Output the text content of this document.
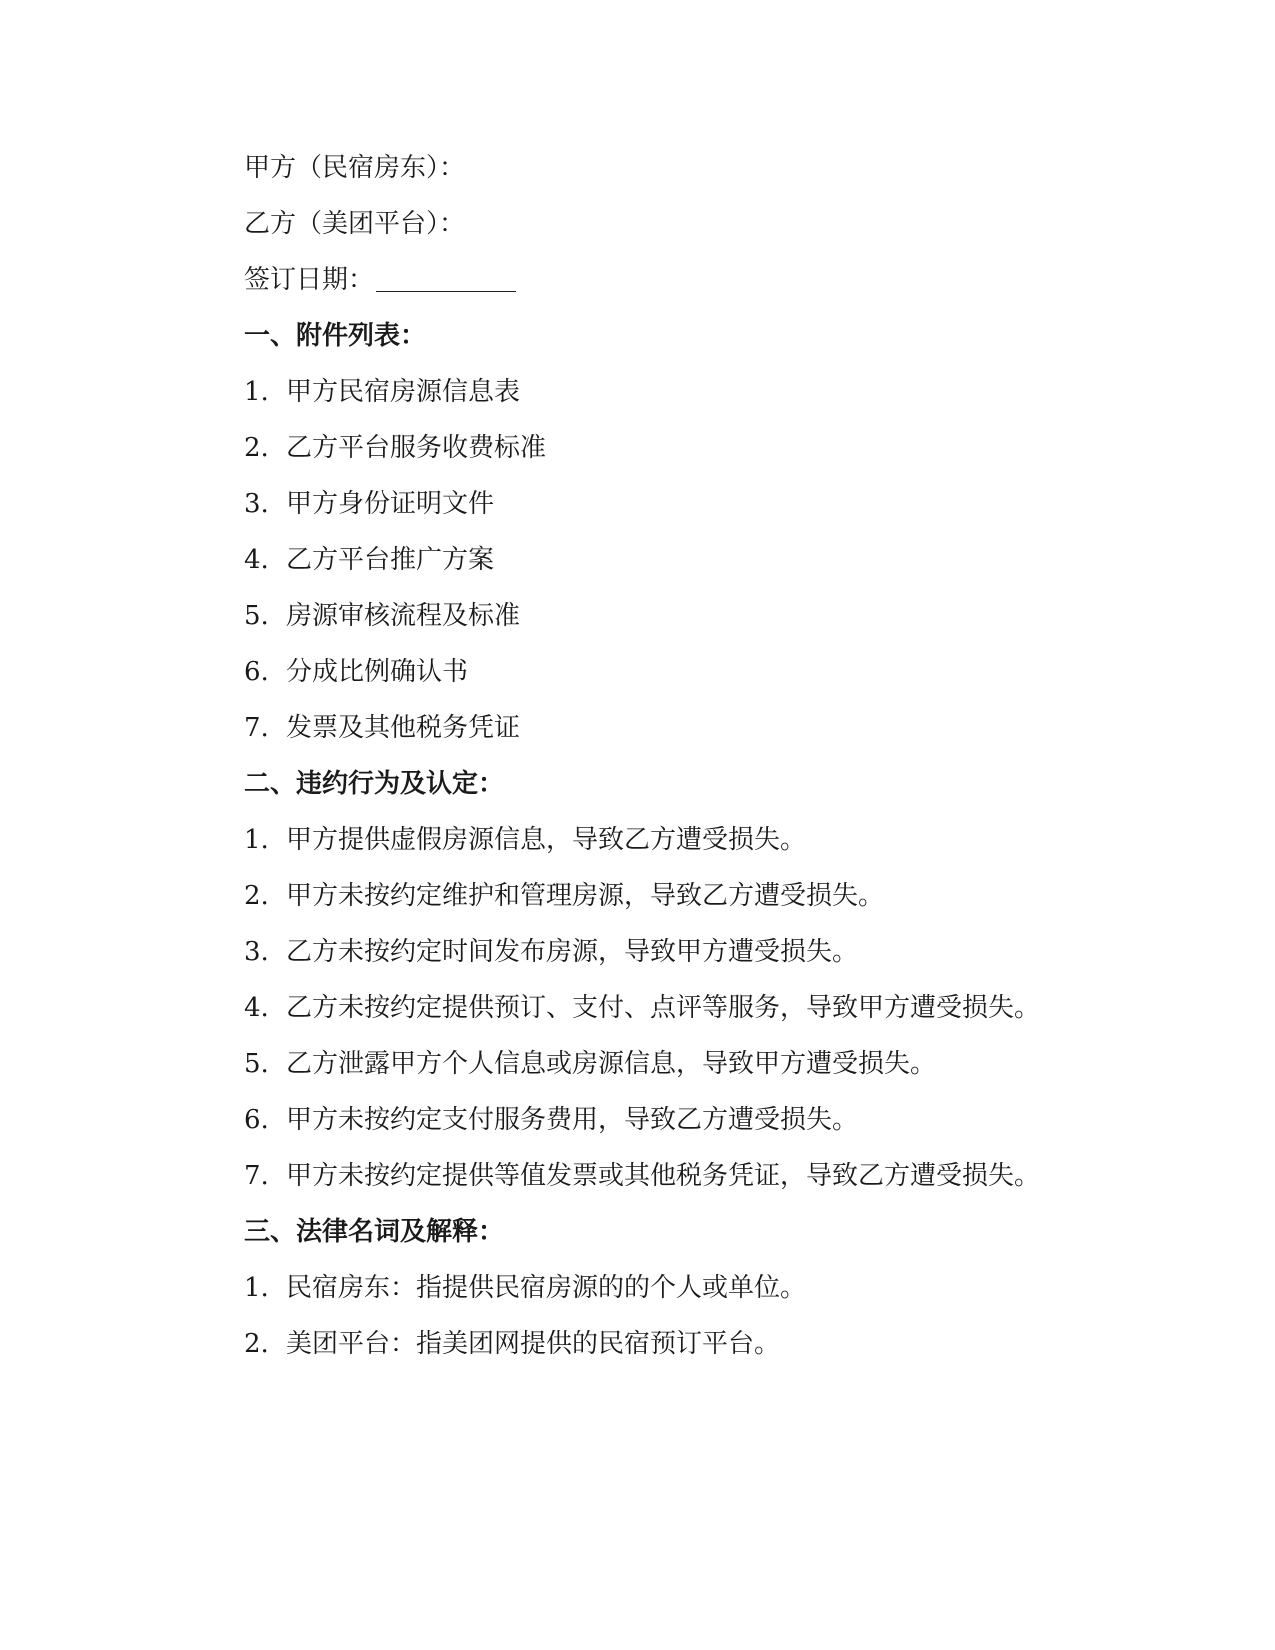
甲方（民宿房东）：
乙方（美团平台）：
签订日期：
一、附件列表：
1. 甲方民宿房源信息表
2. 乙方平台服务收费标准
3. 甲方身份证明文件
4. 乙方平台推广方案
5. 房源审核流程及标准
6. 分成比例确认书
7. 发票及其他税务凭证
二、违约行为及认定：
1. 甲方提供虚假房源信息，导致乙方遭受损失。
2. 甲方未按约定维护和管理房源，导致乙方遭受损失。
3. 乙方未按约定时间发布房源，导致甲方遭受损失。
4. 乙方未按约定提供预订、支付、点评等服务，导致甲方遭受损失。
5. 乙方泄露甲方个人信息或房源信息，导致甲方遭受损失。
6. 甲方未按约定支付服务费用，导致乙方遭受损失。
7. 甲方未按约定提供等值发票或其他税务凭证，导致乙方遭受损失。
三、法律名词及解释：
1. 民宿房东：指提供民宿房源的的个人或单位。
2. 美团平台：指美团网提供的民宿预订平台。
